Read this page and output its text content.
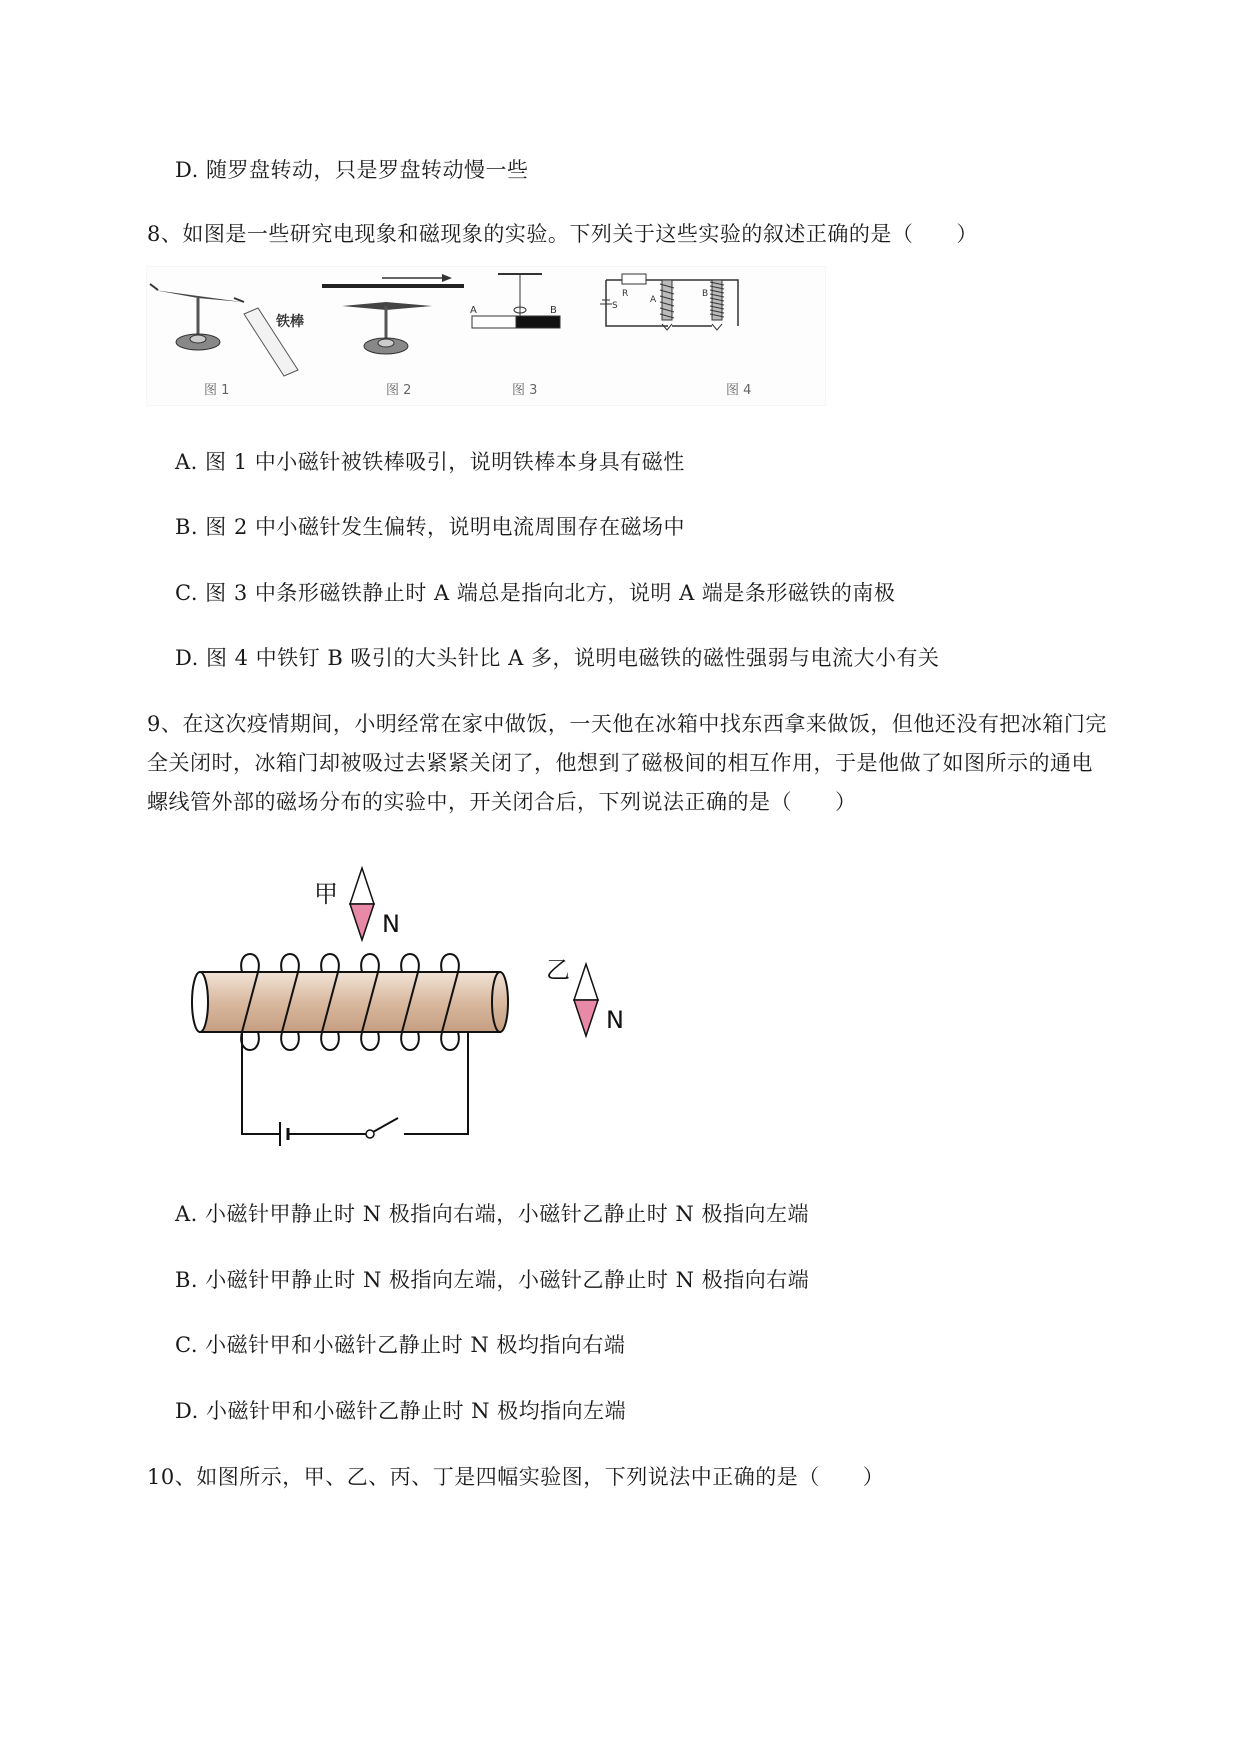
D. 随罗盘转动，只是罗盘转动慢一些
8、如图是一些研究电现象和磁现象的实验。下列关于这些实验的叙述正确的是（　　）
铁棒
图 1	图 2
A	B
图 3
R
S
A
B
图 4
A. 图 1 中小磁针被铁棒吸引，说明铁棒本身具有磁性
B. 图 2 中小磁针发生偏转，说明电流周围存在磁场中
C. 图 3 中条形磁铁静止时 A 端总是指向北方，说明 A 端是条形磁铁的南极
D. 图 4 中铁钉 B 吸引的大头针比 A 多，说明电磁铁的磁性强弱与电流大小有关
9、在这次疫情期间，小明经常在家中做饭，一天他在冰箱中找东西拿来做饭，但他还没有把冰箱门完
全关闭时，冰箱门却被吸过去紧紧关闭了，他想到了磁极间的相互作用，于是他做了如图所示的通电
螺线管外部的磁场分布的实验中，开关闭合后，下列说法正确的是（　　）
甲
N
乙
N
A. 小磁针甲静止时 N 极指向右端，小磁针乙静止时 N 极指向左端
B. 小磁针甲静止时 N 极指向左端，小磁针乙静止时 N 极指向右端
C. 小磁针甲和小磁针乙静止时 N 极均指向右端
D. 小磁针甲和小磁针乙静止时 N 极均指向左端
10、如图所示，甲、乙、丙、丁是四幅实验图，下列说法中正确的是（　　）
